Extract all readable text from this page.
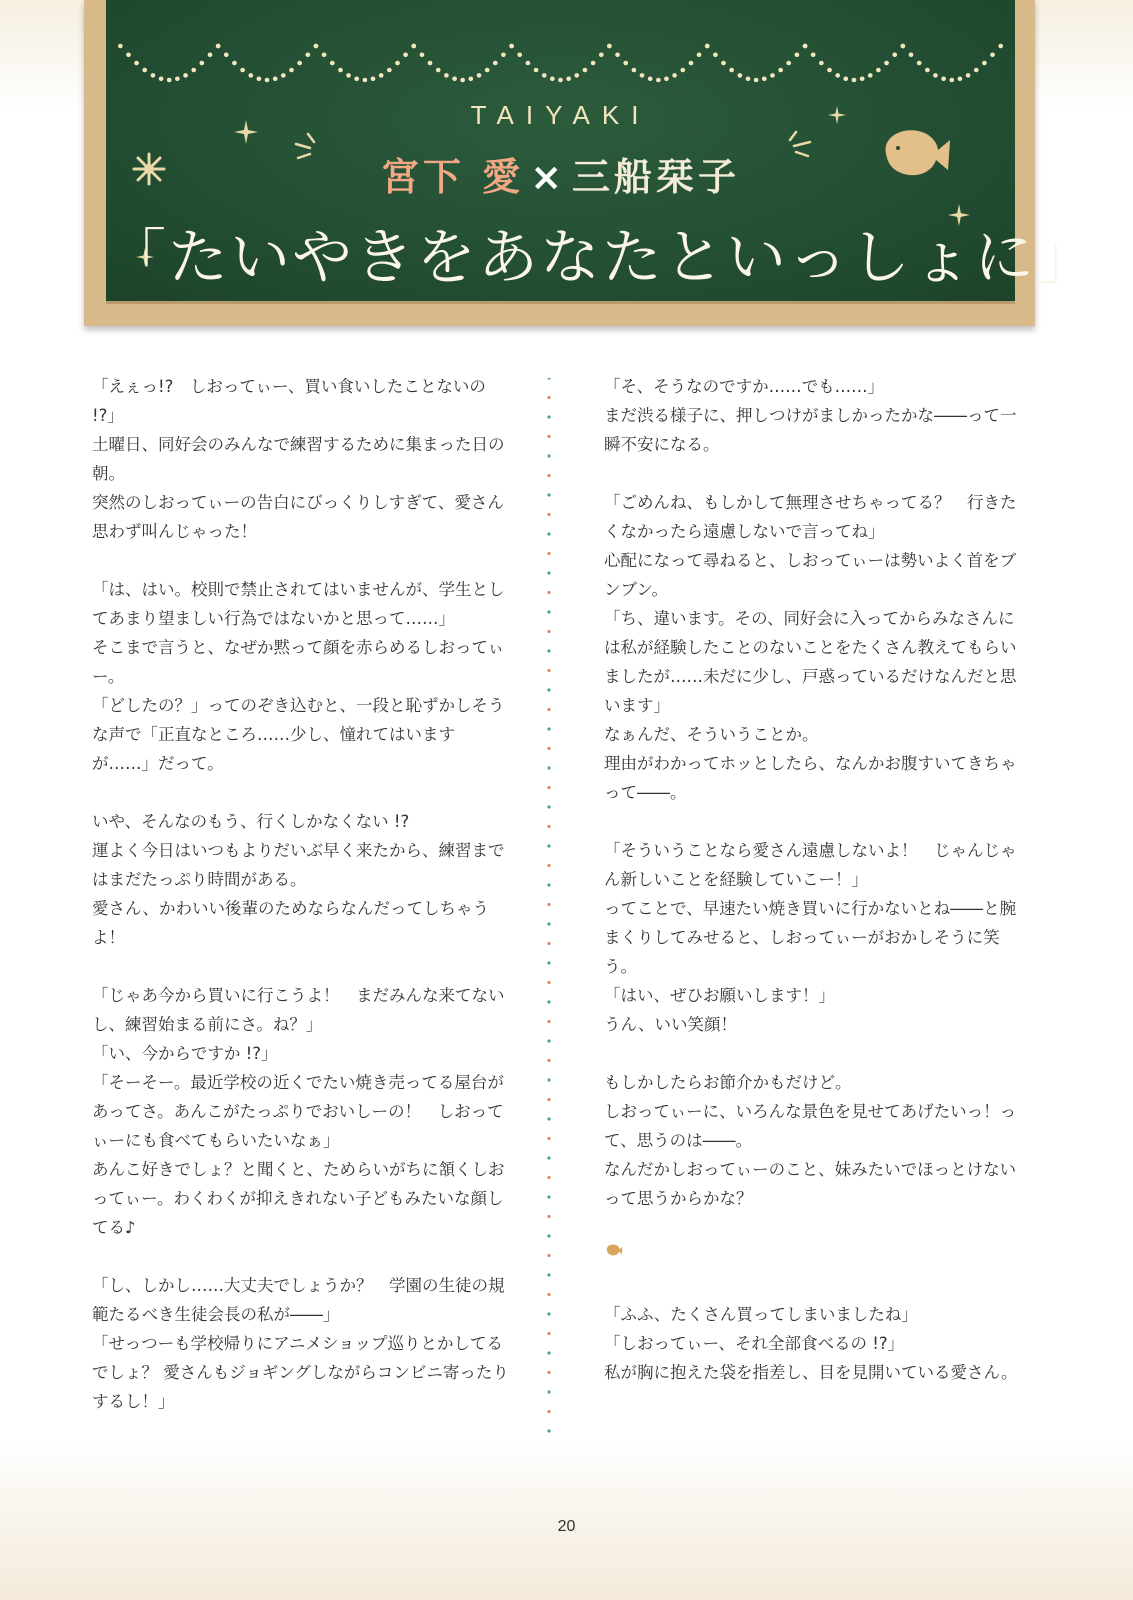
TAIYAKI
宮下 愛 × 三船栞子
「たいやきをあなたといっしょに」

「えぇっ!?　しおってぃー、買い食いしたことないの !?」

土曜日、同好会のみんなで練習するために集まった日の朝。

突然のしおってぃーの告白にびっくりしすぎて、愛さん思わず叫んじゃった！

「は、はい。校則で禁止されてはいませんが、学生としてあまり望ましい行為ではないかと思って……」

そこまで言うと、なぜか黙って顔を赤らめるしおってぃー。

「どしたの？」ってのぞき込むと、一段と恥ずかしそうな声で「正直なところ……少し、憧れてはいますが……」だって。

いや、そんなのもう、行くしかなくない !?

運よく今日はいつもよりだいぶ早く来たから、練習まではまだたっぷり時間がある。

愛さん、かわいい後輩のためならなんだってしちゃうよ！

「じゃあ今から買いに行こうよ！　まだみんな来てないし、練習始まる前にさ。ね？」

「い、今からですか !?」

「そーそー。最近学校の近くでたい焼き売ってる屋台があってさ。あんこがたっぷりでおいしーの！　しおってぃーにも食べてもらいたいなぁ」

あんこ好きでしょ？と聞くと、ためらいがちに頷くしおってぃー。わくわくが抑えきれない子どもみたいな顔してる♪

「し、しかし……大丈夫でしょうか？　学園の生徒の規範たるべき生徒会長の私が――」

「せっつーも学校帰りにアニメショップ巡りとかしてるでしょ？ 愛さんもジョギングしながらコンビニ寄ったりするし！」

「そ、そうなのですか……でも……」

まだ渋る様子に、押しつけがましかったかな――って一瞬不安になる。

「ごめんね、もしかして無理させちゃってる？　行きたくなかったら遠慮しないで言ってね」

心配になって尋ねると、しおってぃーは勢いよく首をブンブン。

「ち、違います。その、同好会に入ってからみなさんには私が経験したことのないことをたくさん教えてもらいましたが……未だに少し、戸惑っているだけなんだと思います」

なぁんだ、そういうことか。

理由がわかってホッとしたら、なんかお腹すいてきちゃって――。

「そういうことなら愛さん遠慮しないよ！　じゃんじゃん新しいことを経験していこー！」

ってことで、早速たい焼き買いに行かないとね――と腕まくりしてみせると、しおってぃーがおかしそうに笑う。

「はい、ぜひお願いします！」

うん、いい笑顔！

もしかしたらお節介かもだけど。

しおってぃーに、いろんな景色を見せてあげたいっ！って、思うのは――。

なんだかしおってぃーのこと、妹みたいでほっとけないって思うからかな？

「ふふ、たくさん買ってしまいましたね」

「しおってぃー、それ全部食べるの !?」

私が胸に抱えた袋を指差し、目を見開いている愛さん。

20
